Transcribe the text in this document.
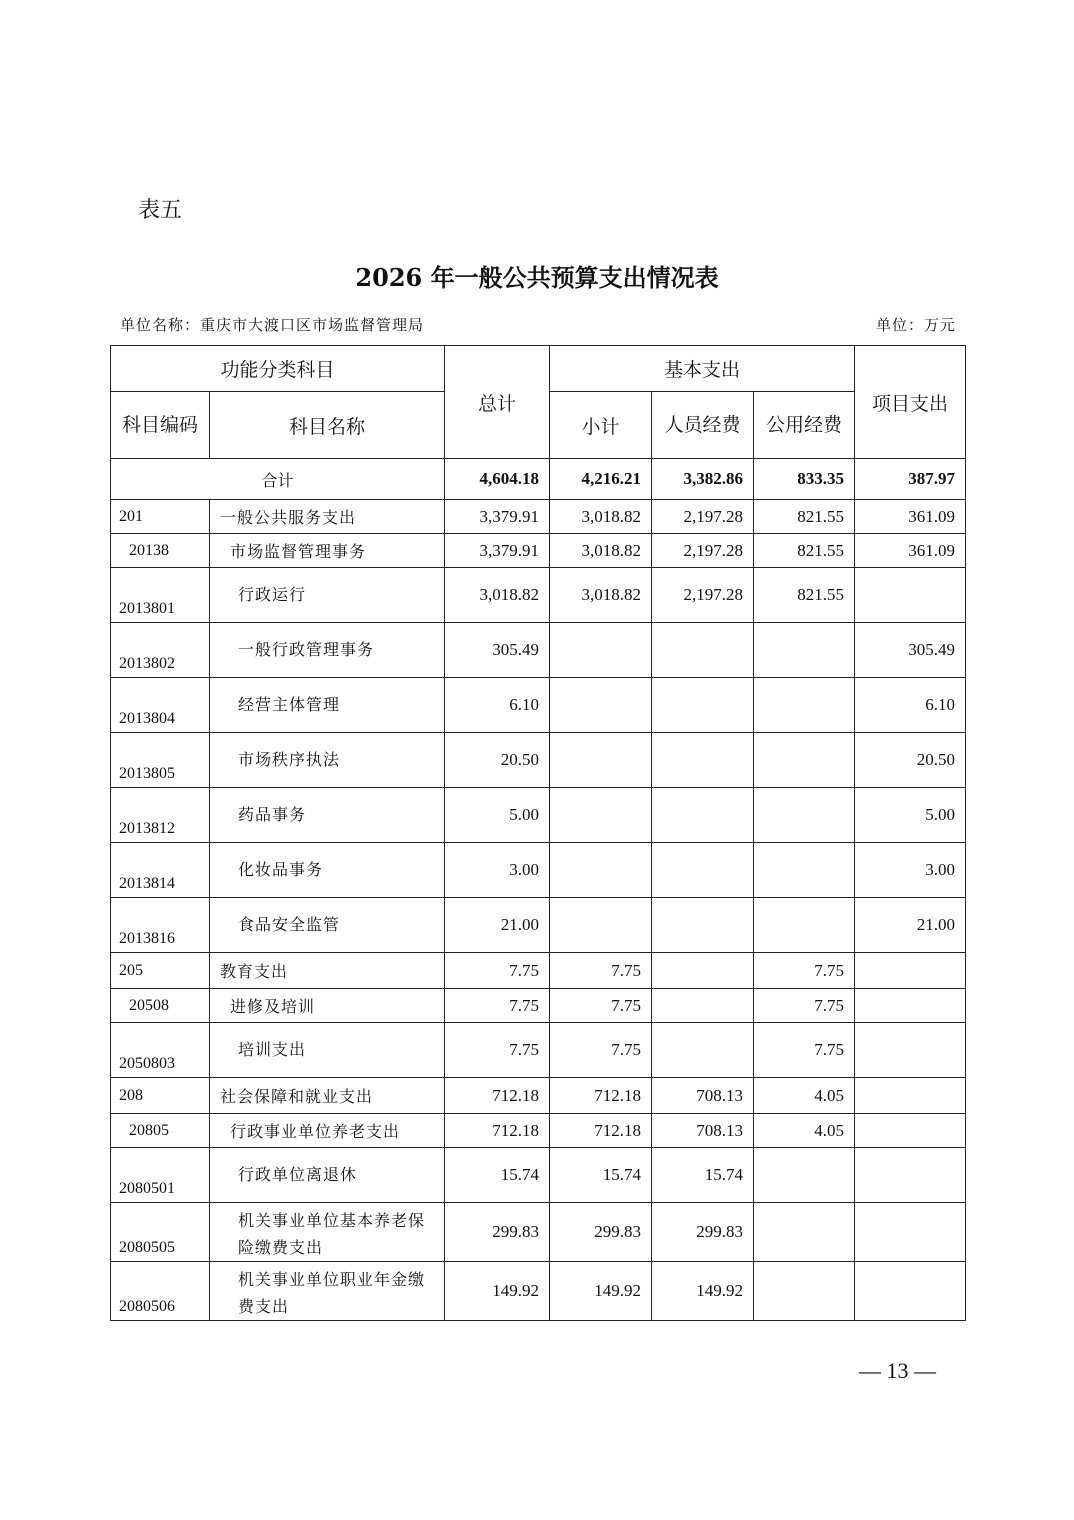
表五
2026 年一般公共预算支出情况表
单位名称：重庆市大渡口区市场监督管理局	单位：万元
功能分类科目		总计	基本支出			项目支出
科目编码	科目名称		小计	人员经费	公用经费	
合计		4,604.18	4,216.21	3,382.86	833.35	387.97
201	一般公共服务支出	3,379.91	3,018.82	2,197.28	821.55	361.09
20138	市场监督管理事务	3,379.91	3,018.82	2,197.28	821.55	361.09
2013801	行政运行	3,018.82	3,018.82	2,197.28	821.55	
2013802	一般行政管理事务	305.49				305.49
2013804	经营主体管理	6.10				6.10
2013805	市场秩序执法	20.50				20.50
2013812	药品事务	5.00				5.00
2013814	化妆品事务	3.00				3.00
2013816	食品安全监管	21.00				21.00
205	教育支出	7.75	7.75		7.75	
20508	进修及培训	7.75	7.75		7.75	
2050803	培训支出	7.75	7.75		7.75	
208	社会保障和就业支出	712.18	712.18	708.13	4.05	
20805	行政事业单位养老支出	712.18	712.18	708.13	4.05	
2080501	行政单位离退休	15.74	15.74	15.74		
2080505	机关事业单位基本养老保险缴费支出	299.83	299.83	299.83		
2080506	机关事业单位职业年金缴费支出	149.92	149.92	149.92		
— 13 —
